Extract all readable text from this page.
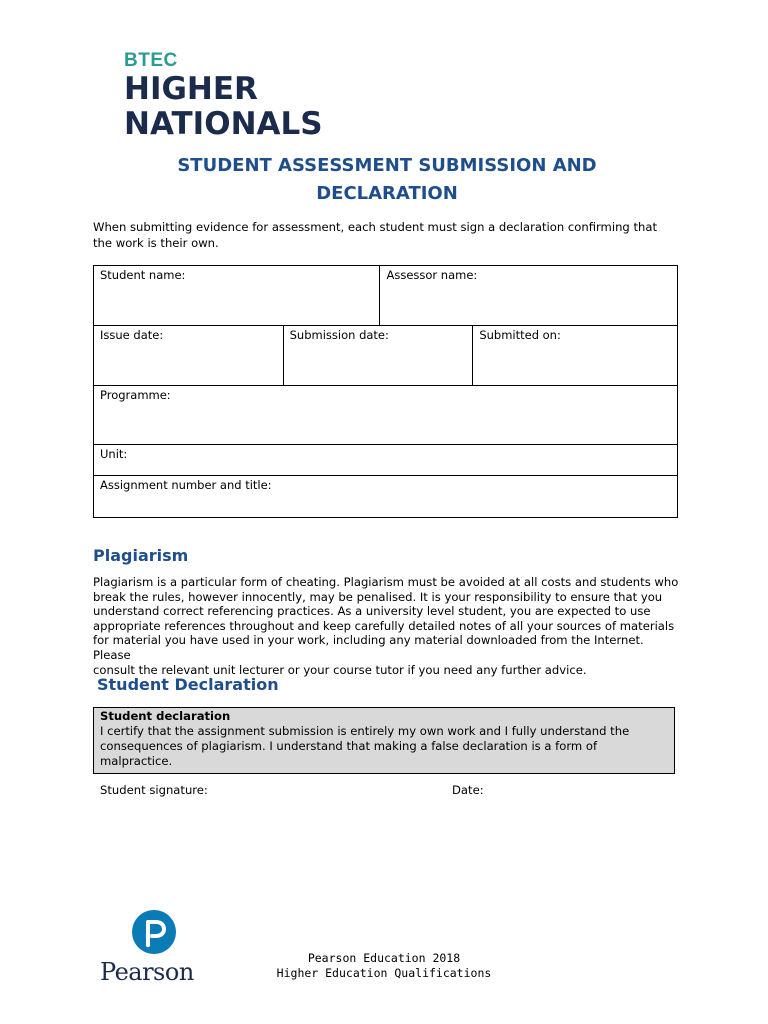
BTEC
HIGHER
NATIONALS
STUDENT ASSESSMENT SUBMISSION AND
DECLARATION
When submitting evidence for assessment, each student must sign a declaration confirming that the work is their own.
Student name:		Assessor name:	
Issue date:	Submission date:		Submitted on:
Programme:			
Unit:			
Assignment number and title:			
Plagiarism
Plagiarism is a particular form of cheating. Plagiarism must be avoided at all costs and students who
break the rules, however innocently, may be penalised. It is your responsibility to ensure that you
understand correct referencing practices. As a university level student, you are expected to use
appropriate references throughout and keep carefully detailed notes of all your sources of materials
for material you have used in your work, including any material downloaded from the Internet. Please
consult the relevant unit lecturer or your course tutor if you need any further advice.
Student Declaration
Student declaration
I certify that the assignment submission is entirely my own work and I fully understand the
consequences of plagiarism. I understand that making a false declaration is a form of malpractice.
Student signature:	Date:
Pearson	Pearson Education 2018
Higher Education Qualifications
